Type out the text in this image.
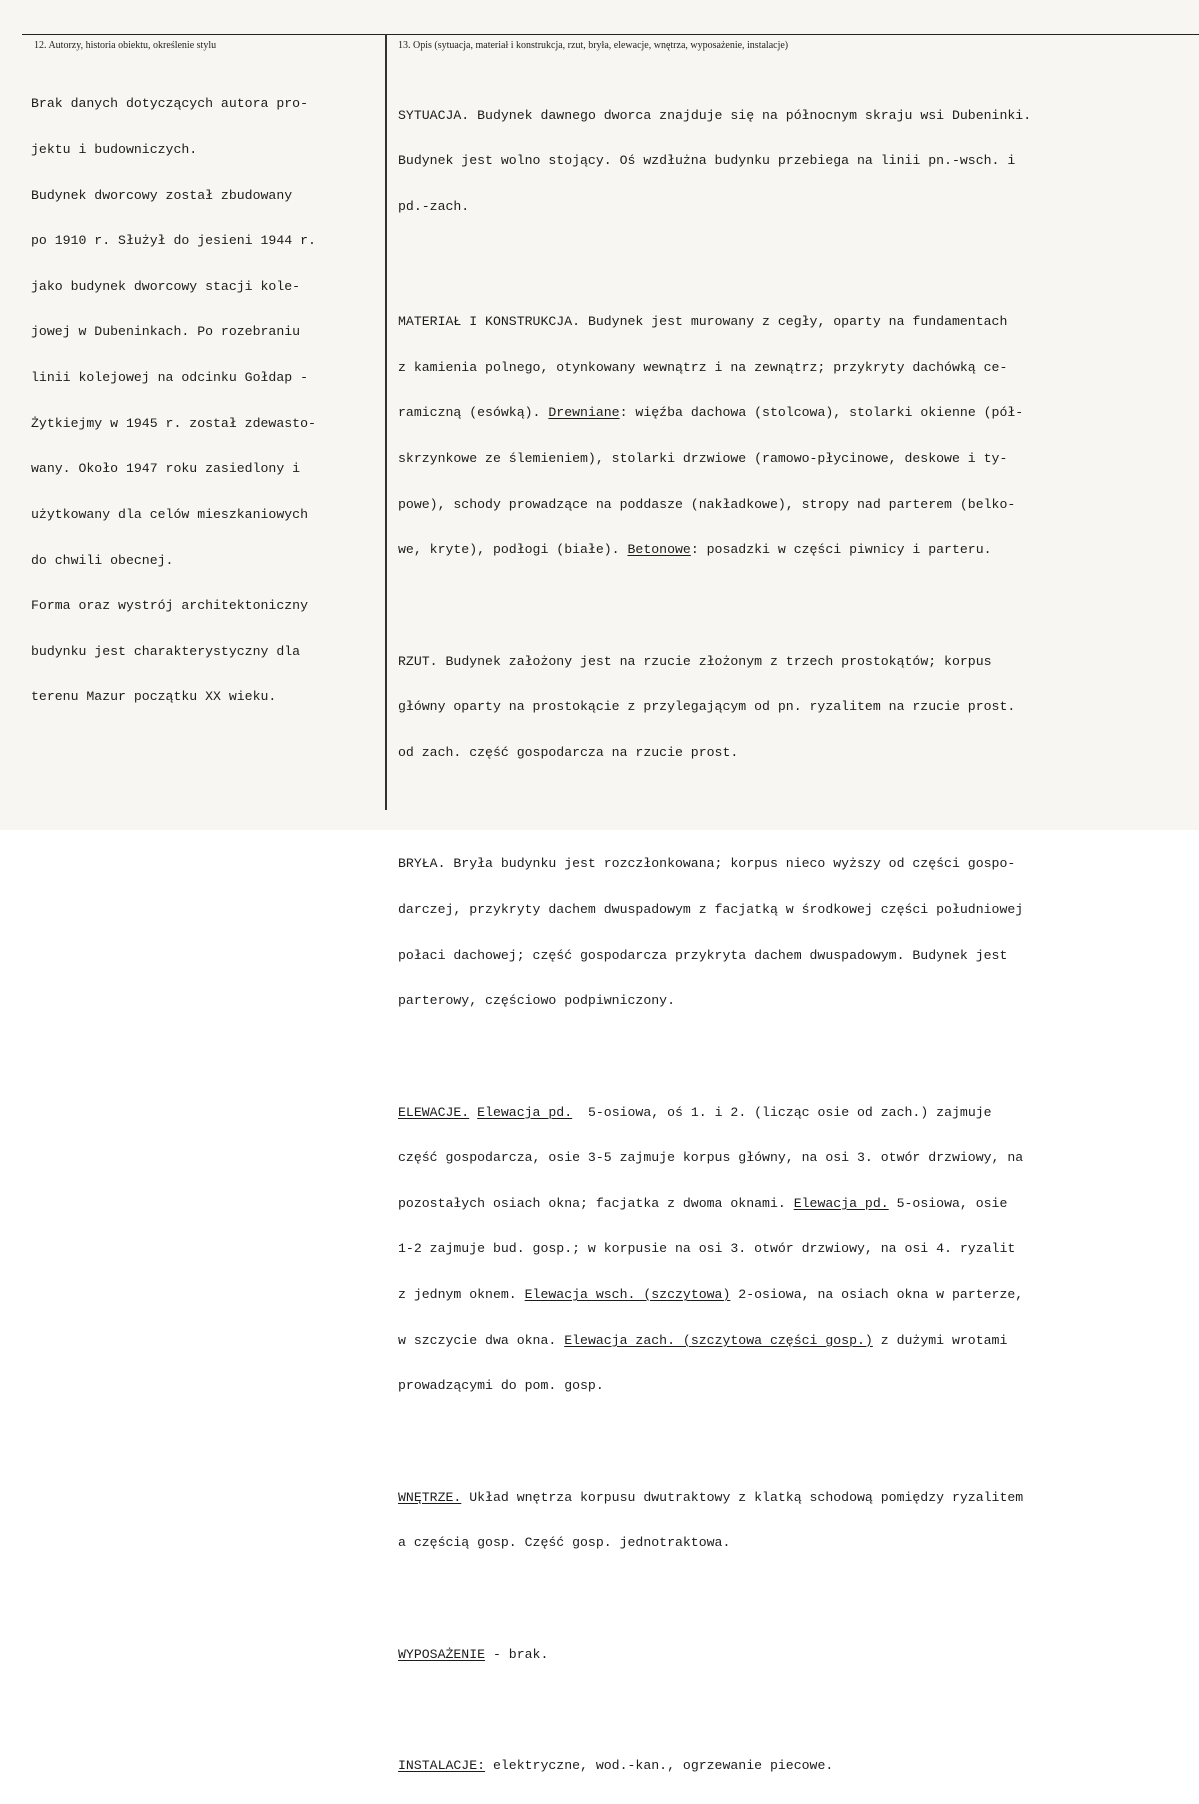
12. Autorzy, historia obiektu, określenie stylu	13. Opis (sytuacja, materiał i konstrukcja, rzut, bryła, elewacje, wnętrza, wyposażenie, instalacje)

Brak danych dotyczących autora pro-

jektu i budowniczych.

Budynek dworcowy został zbudowany

po 1910 r. Służył do jesieni 1944 r.

jako budynek dworcowy stacji kole-

jowej w Dubeninkach. Po rozebraniu

linii kolejowej na odcinku Gołdap -

Żytkiejmy w 1945 r. został zdewasto-

wany. Około 1947 roku zasiedlony i

użytkowany dla celów mieszkaniowych

do chwili obecnej.

Forma oraz wystrój architektoniczny

budynku jest charakterystyczny dla

terenu Mazur początku XX wieku.

SYTUACJA. Budynek dawnego dworca znajduje się na północnym skraju wsi Dubeninki.

Budynek jest wolno stojący. Oś wzdłużna budynku przebiega na linii pn.-wsch. i

pd.-zach.

MATERIAŁ I KONSTRUKCJA. Budynek jest murowany z cegły, oparty na fundamentach

z kamienia polnego, otynkowany wewnątrz i na zewnątrz; przykryty dachówką ce-

ramiczną (esówką). Drewniane: więźba dachowa (stolcowa), stolarki okienne (pół-

skrzynkowe ze ślemieniem), stolarki drzwiowe (ramowo-płycinowe, deskowe i ty-

powe), schody prowadzące na poddasze (nakładkowe), stropy nad parterem (belko-

we, kryte), podłogi (białe). Betonowe: posadzki w części piwnicy i parteru.

RZUT. Budynek założony jest na rzucie złożonym z trzech prostokątów; korpus

główny oparty na prostokącie z przylegającym od pn. ryzalitem na rzucie prost.

od zach. część gospodarcza na rzucie prost.

BRYŁA. Bryła budynku jest rozczłonkowana; korpus nieco wyższy od części gospo-

darczej, przykryty dachem dwuspadowym z facjatką w środkowej części południowej

połaci dachowej; część gospodarcza przykryta dachem dwuspadowym. Budynek jest

parterowy, częściowo podpiwniczony.

ELEWACJE. Elewacja pd.  5-osiowa, oś 1. i 2. (licząc osie od zach.) zajmuje

część gospodarcza, osie 3-5 zajmuje korpus główny, na osi 3. otwór drzwiowy, na

pozostałych osiach okna; facjatka z dwoma oknami. Elewacja pd. 5-osiowa, osie

1-2 zajmuje bud. gosp.; w korpusie na osi 3. otwór drzwiowy, na osi 4. ryzalit

z jednym oknem. Elewacja wsch. (szczytowa) 2-osiowa, na osiach okna w parterze,

w szczycie dwa okna. Elewacja zach. (szczytowa części gosp.) z dużymi wrotami

prowadzącymi do pom. gosp.

WNĘTRZE. Układ wnętrza korpusu dwutraktowy z klatką schodową pomiędzy ryzalitem

a częścią gosp. Część gosp. jednotraktowa.

WYPOSAŻENIE - brak.

INSTALACJE: elektryczne, wod.-kan., ogrzewanie piecowe.
